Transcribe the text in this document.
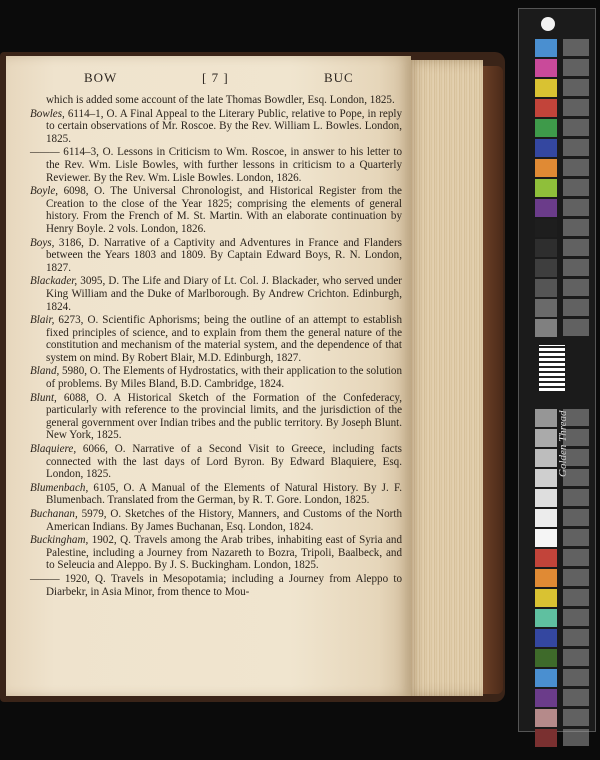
BOW	[ 7 ]	BUC
which is added some account of the late Thomas Bowdler, Esq. London, 1825.
Bowles, 6114–1, O. A Final Appeal to the Literary Public, relative to Pope, in reply to certain observations of Mr. Roscoe. By the Rev. William L. Bowles. London, 1825.
——— 6114–3, O. Lessons in Criticism to Wm. Roscoe, in answer to his letter to the Rev. Wm. Lisle Bowles, with further lessons in criticism to a Quarterly Reviewer. By the Rev. Wm. Lisle Bowles. London, 1826.
Boyle, 6098, O. The Universal Chronologist, and Historical Register from the Creation to the close of the Year 1825; comprising the elements of general history. From the French of M. St. Martin. With an elaborate continuation by Henry Boyle. 2 vols. London, 1826.
Boys, 3186, D. Narrative of a Captivity and Adventures in France and Flanders between the Years 1803 and 1809. By Captain Edward Boys, R. N. London, 1827.
Blackader, 3095, D. The Life and Diary of Lt. Col. J. Blackader, who served under King William and the Duke of Marlborough. By Andrew Crichton. Edinburgh, 1824.
Blair, 6273, O. Scientific Aphorisms; being the outline of an attempt to establish fixed principles of science, and to explain from them the general nature of the constitution and mechanism of the material system, and the dependence of that system on mind. By Robert Blair, M.D. Edinburgh, 1827.
Bland, 5980, O. The Elements of Hydrostatics, with their application to the solution of problems. By Miles Bland, B.D. Cambridge, 1824.
Blunt, 6088, O. A Historical Sketch of the Formation of the Confederacy, particularly with reference to the provincial limits, and the jurisdiction of the general government over Indian tribes and the public territory. By Joseph Blunt. New York, 1825.
Blaquiere, 6066, O. Narrative of a Second Visit to Greece, including facts connected with the last days of Lord Byron. By Edward Blaquiere, Esq. London, 1825.
Blumenbach, 6105, O. A Manual of the Elements of Natural History. By J. F. Blumenbach. Translated from the German, by R. T. Gore. London, 1825.
Buchanan, 5979, O. Sketches of the History, Manners, and Customs of the North American Indians. By James Buchanan, Esq. London, 1824.
Buckingham, 1902, Q. Travels among the Arab tribes, inhabiting east of Syria and Palestine, including a Journey from Nazareth to Bozra, Tripoli, Baalbeck, and to Seleucia and Aleppo. By J. S. Buckingham. London, 1825.
——— 1920, Q. Travels in Mesopotamia; including a Journey from Aleppo to Diarbekr, in Asia Minor, from thence to Mou-
Thread
